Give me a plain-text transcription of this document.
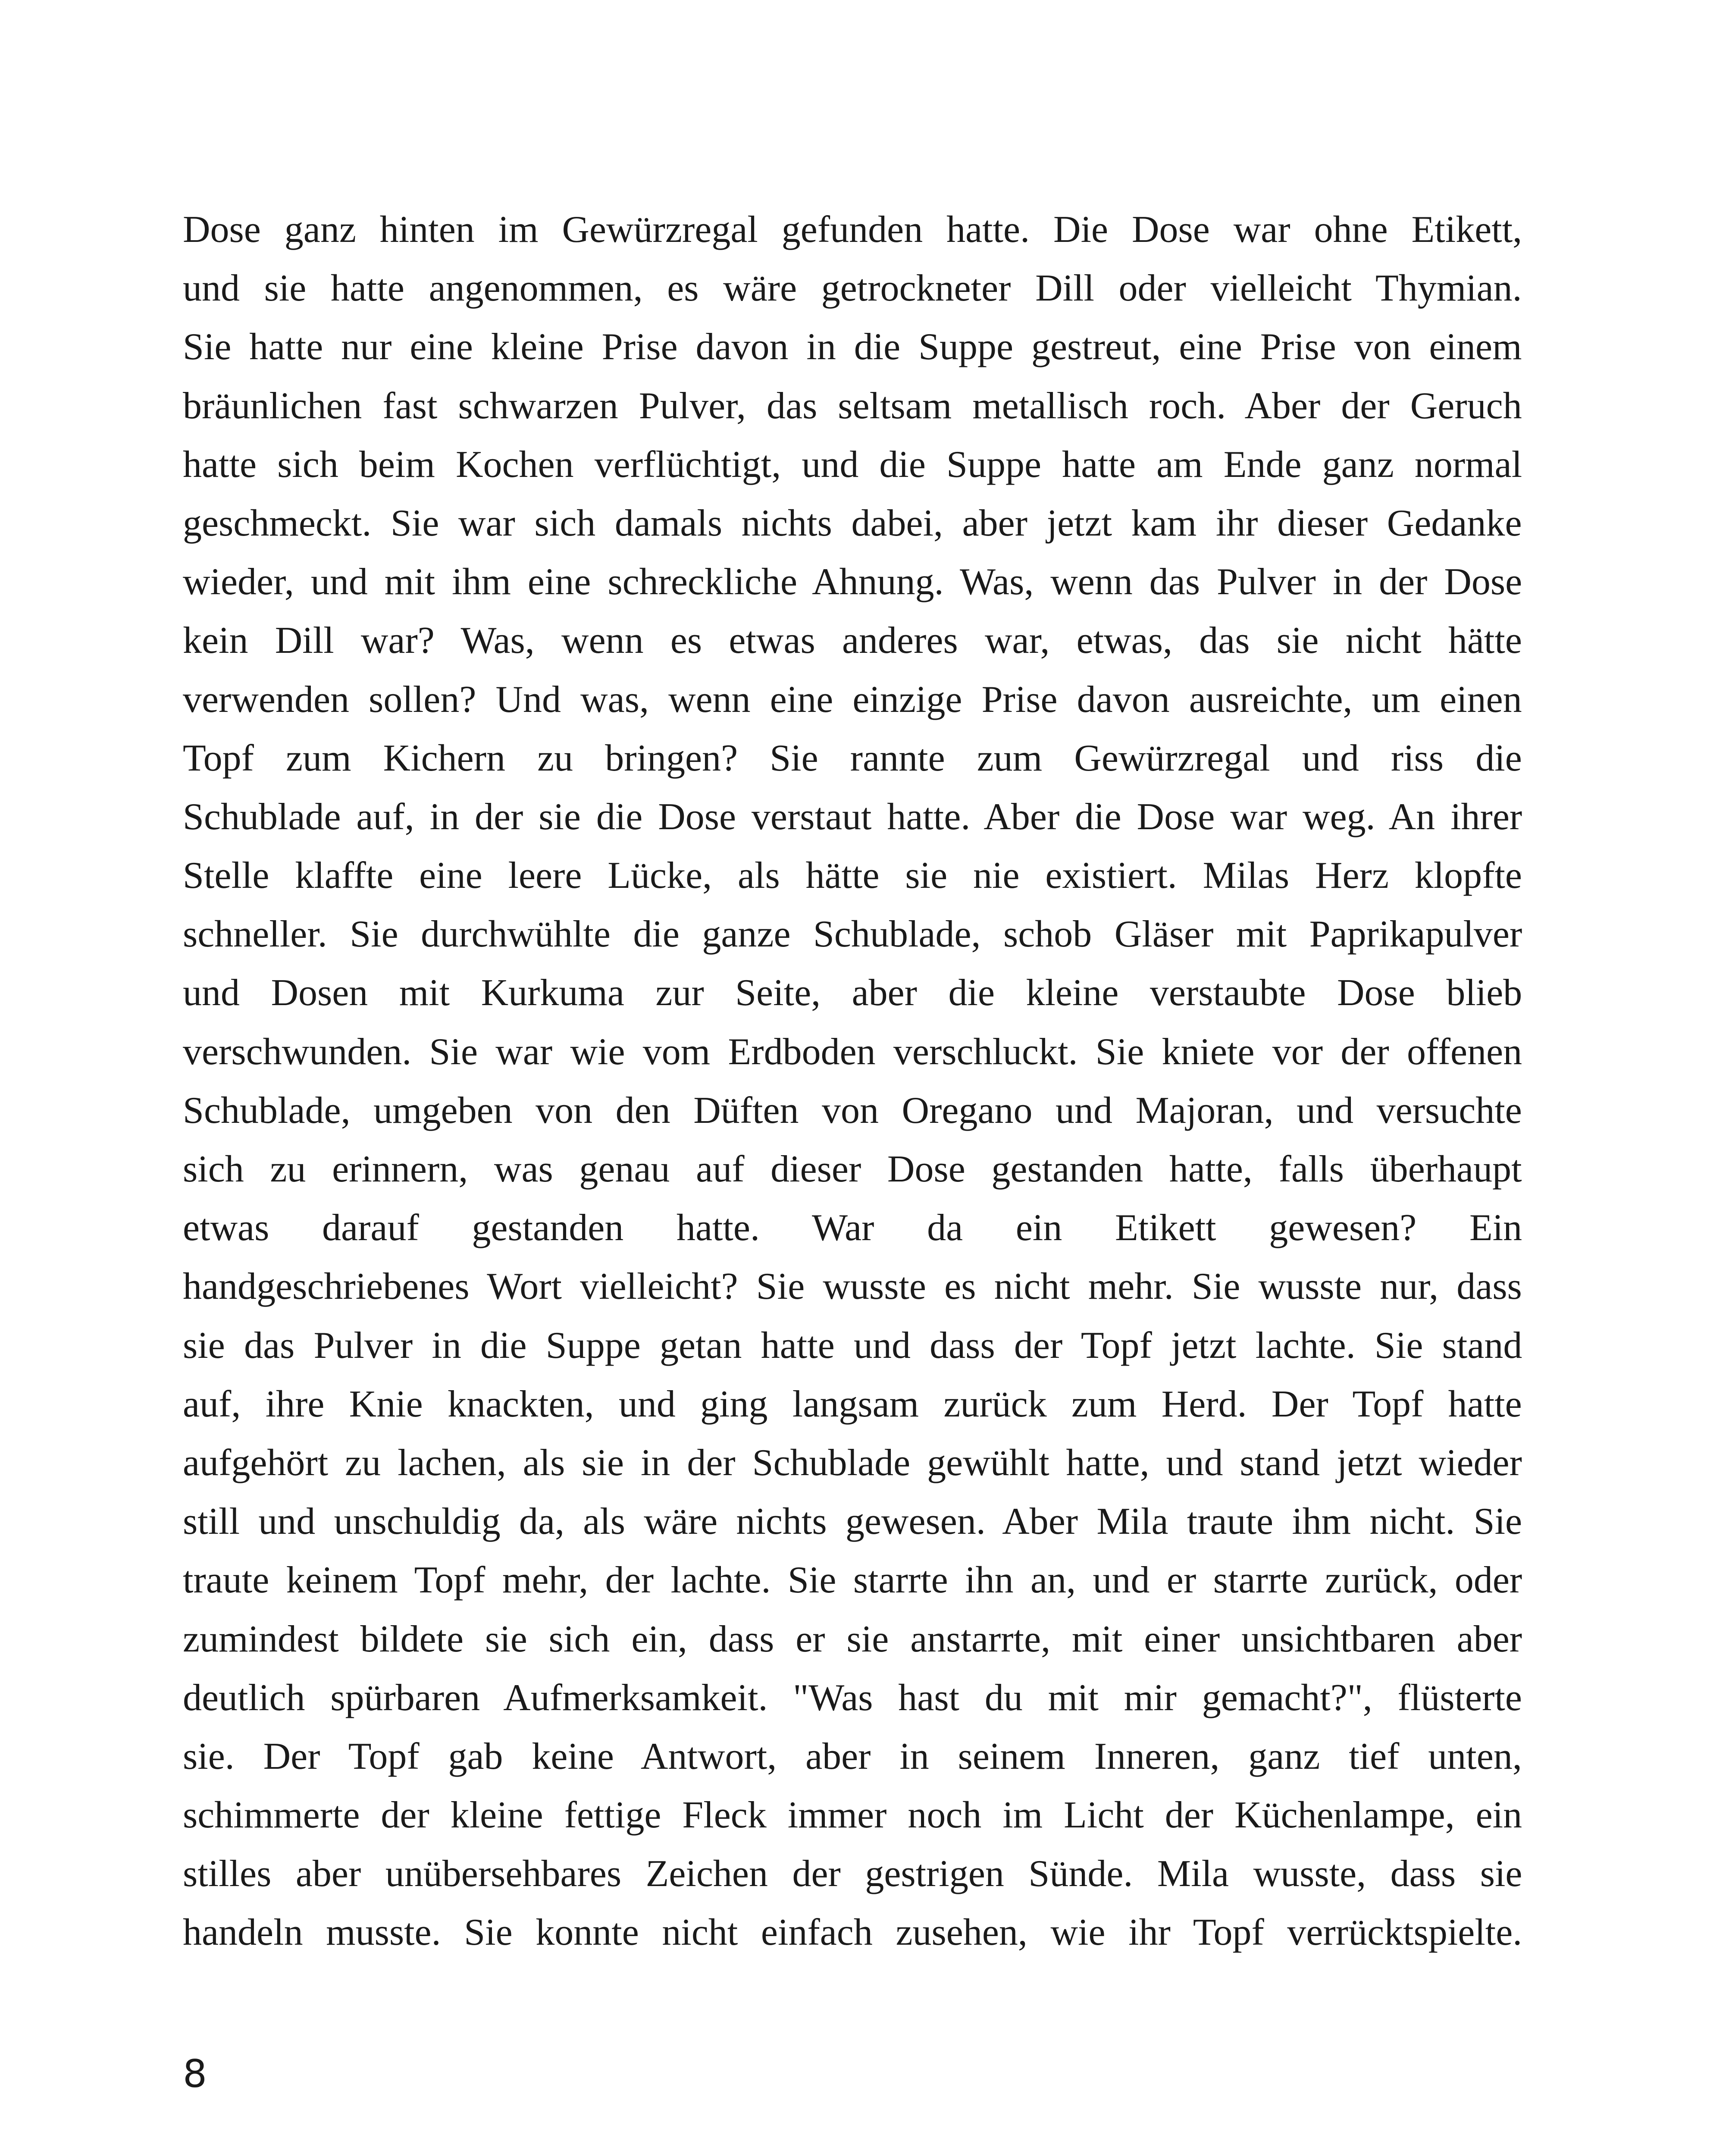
Dose ganz hinten im Gewürzregal gefunden hatte. Die Dose war ohne Etikett,
und sie hatte angenommen, es wäre getrockneter Dill oder vielleicht Thymian.
Sie hatte nur eine kleine Prise davon in die Suppe gestreut, eine Prise von einem
bräunlichen fast schwarzen Pulver, das seltsam metallisch roch. Aber der Geruch
hatte sich beim Kochen verflüchtigt, und die Suppe hatte am Ende ganz normal
geschmeckt. Sie war sich damals nichts dabei, aber jetzt kam ihr dieser Gedanke
wieder, und mit ihm eine schreckliche Ahnung. Was, wenn das Pulver in der Dose
kein Dill war? Was, wenn es etwas anderes war, etwas, das sie nicht hätte
verwenden sollen? Und was, wenn eine einzige Prise davon ausreichte, um einen
Topf zum Kichern zu bringen? Sie rannte zum Gewürzregal und riss die
Schublade auf, in der sie die Dose verstaut hatte. Aber die Dose war weg. An ihrer
Stelle klaffte eine leere Lücke, als hätte sie nie existiert. Milas Herz klopfte
schneller. Sie durchwühlte die ganze Schublade, schob Gläser mit Paprikapulver
und Dosen mit Kurkuma zur Seite, aber die kleine verstaubte Dose blieb
verschwunden. Sie war wie vom Erdboden verschluckt. Sie kniete vor der offenen
Schublade, umgeben von den Düften von Oregano und Majoran, und versuchte
sich zu erinnern, was genau auf dieser Dose gestanden hatte, falls überhaupt
etwas darauf gestanden hatte. War da ein Etikett gewesen? Ein
handgeschriebenes Wort vielleicht? Sie wusste es nicht mehr. Sie wusste nur, dass
sie das Pulver in die Suppe getan hatte und dass der Topf jetzt lachte. Sie stand
auf, ihre Knie knackten, und ging langsam zurück zum Herd. Der Topf hatte
aufgehört zu lachen, als sie in der Schublade gewühlt hatte, und stand jetzt wieder
still und unschuldig da, als wäre nichts gewesen. Aber Mila traute ihm nicht. Sie
traute keinem Topf mehr, der lachte. Sie starrte ihn an, und er starrte zurück, oder
zumindest bildete sie sich ein, dass er sie anstarrte, mit einer unsichtbaren aber
deutlich spürbaren Aufmerksamkeit. "Was hast du mit mir gemacht?", flüsterte
sie. Der Topf gab keine Antwort, aber in seinem Inneren, ganz tief unten,
schimmerte der kleine fettige Fleck immer noch im Licht der Küchenlampe, ein
stilles aber unübersehbares Zeichen der gestrigen Sünde. Mila wusste, dass sie
handeln musste. Sie konnte nicht einfach zusehen, wie ihr Topf verrücktspielte.
8
